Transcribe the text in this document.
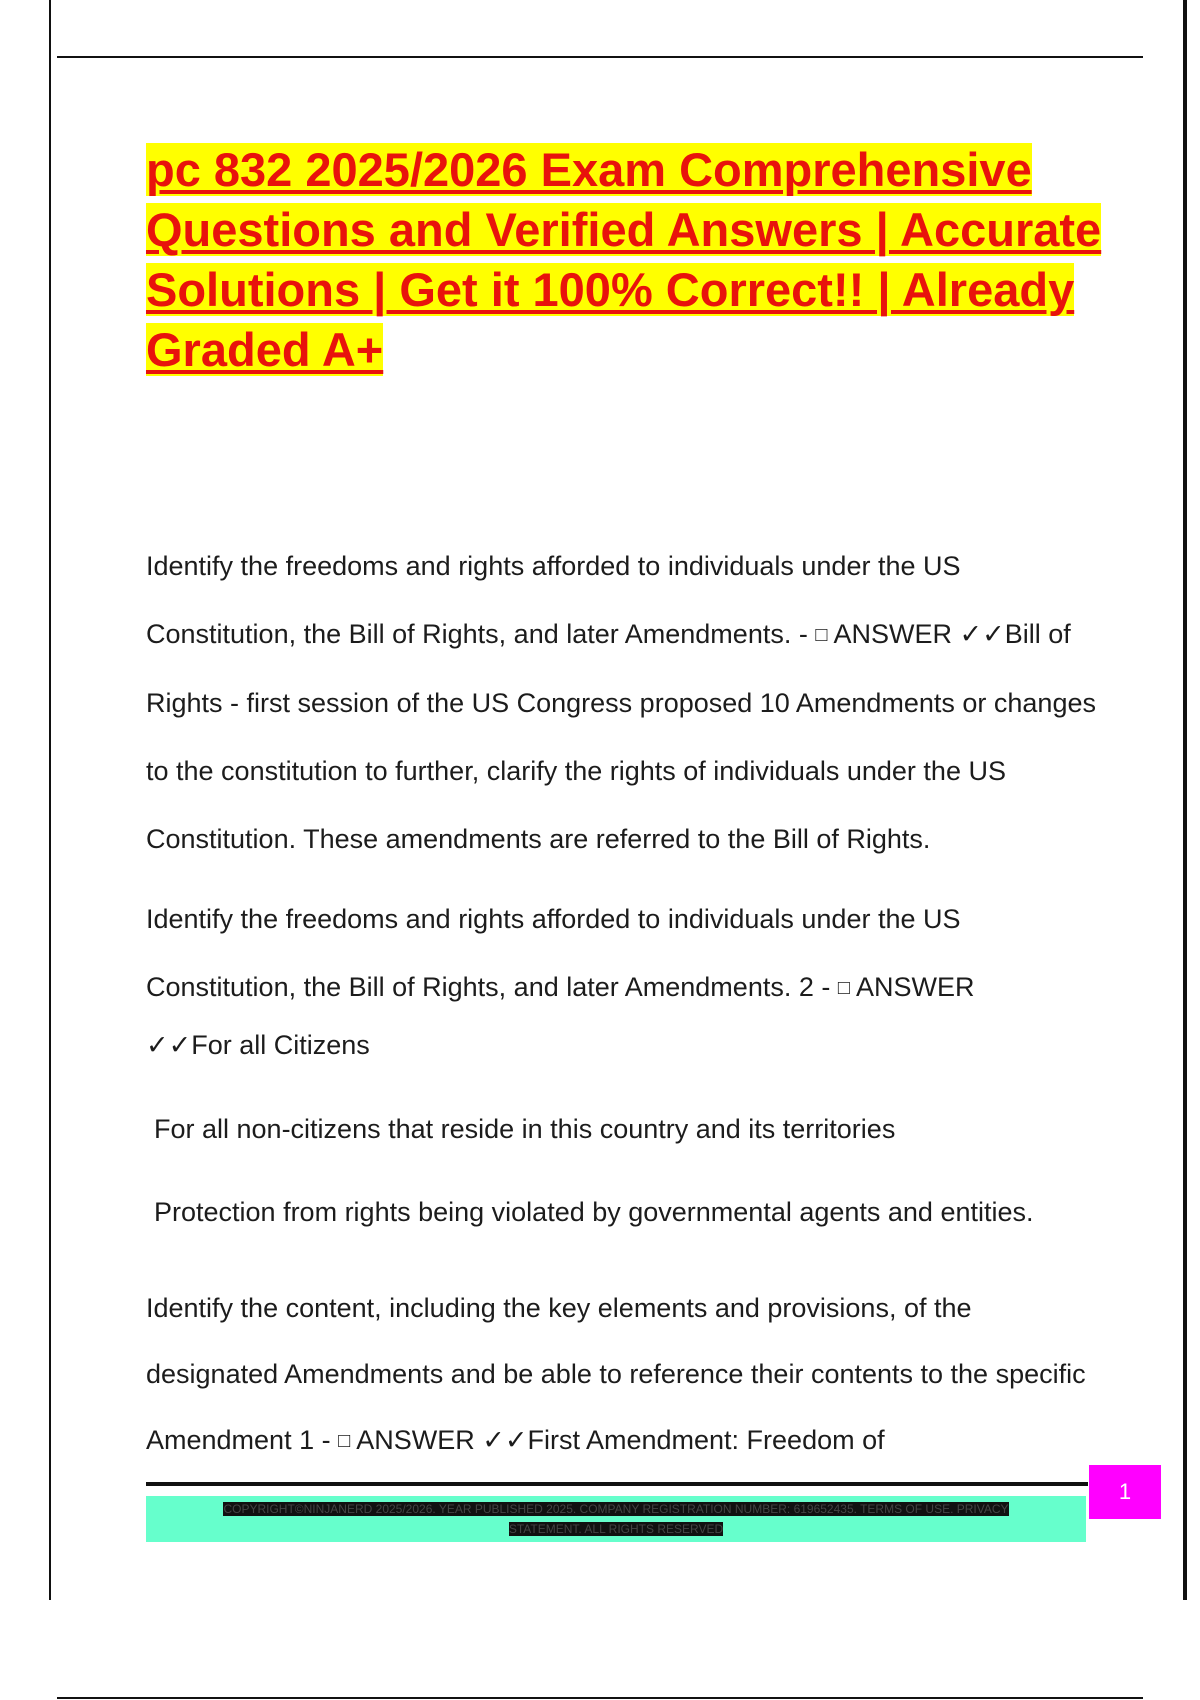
pc 832 2025/2026 Exam Comprehensive Questions and Verified Answers | Accurate Solutions | Get it 100% Correct!! | Already Graded A+

Identify the freedoms and rights afforded to individuals under the US Constitution, the Bill of Rights, and later Amendments. - □ ANSWER ✓✓Bill of Rights - first session of the US Congress proposed 10 Amendments or changes to the constitution to further, clarify the rights of individuals under the US Constitution. These amendments are referred to the Bill of Rights.

Identify the freedoms and rights afforded to individuals under the US Constitution, the Bill of Rights, and later Amendments. 2 - □ ANSWER

✓✓For all Citizens

For all non-citizens that reside in this country and its territories

Protection from rights being violated by governmental agents and entities.

Identify the content, including the key elements and provisions, of the designated Amendments and be able to reference their contents to the specific Amendment 1 - □ ANSWER ✓✓First Amendment: Freedom of

COPYRIGHT©NINJANERD 2025/2026. YEAR PUBLISHED 2025. COMPANY REGISTRATION NUMBER: 619652435. TERMS OF USE. PRIVACY
STATEMENT. ALL RIGHTS RESERVED
1
